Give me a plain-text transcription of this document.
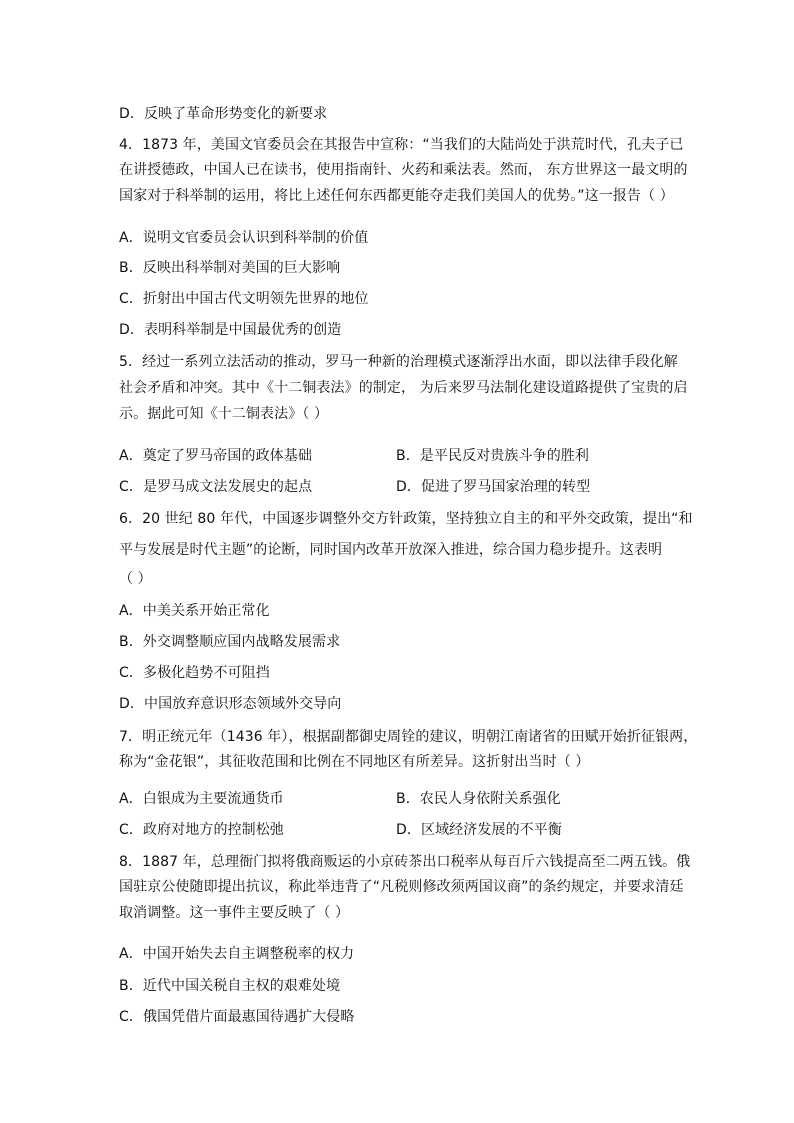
D．反映了革命形势变化的新要求
4．1873 年，美国文官委员会在其报告中宣称：“当我们的大陆尚处于洪荒时代，孔夫子已
在讲授德政，中国人已在读书，使用指南针、火药和乘法表。然而， 东方世界这一最文明的
国家对于科举制的运用，将比上述任何东西都更能夺走我们美国人的优势。”这一报告（ ）
A．说明文官委员会认识到科举制的价值
B．反映出科举制对美国的巨大影响
C．折射出中国古代文明领先世界的地位
D．表明科举制是中国最优秀的创造
5．经过一系列立法活动的推动，罗马一种新的治理模式逐渐浮出水面，即以法律手段化解
社会矛盾和冲突。其中《十二铜表法》的制定， 为后来罗马法制化建设道路提供了宝贵的启
示。据此可知《十二铜表法》（ ）
A．奠定了罗马帝国的政体基础	B．是平民反对贵族斗争的胜利
C．是罗马成文法发展史的起点	D．促进了罗马国家治理的转型
6．20 世纪 80 年代，中国逐步调整外交方针政策，坚持独立自主的和平外交政策，提出“和
平与发展是时代主题”的论断，同时国内改革开放深入推进，综合国力稳步提升。这表明
（ ）
A．中美关系开始正常化
B．外交调整顺应国内战略发展需求
C．多极化趋势不可阻挡
D．中国放弃意识形态领域外交导向
7．明正统元年（1436 年），根据副都御史周铨的建议，明朝江南诸省的田赋开始折征银两，
称为“金花银”，其征收范围和比例在不同地区有所差异。这折射出当时（ ）
A．白银成为主要流通货币	B．农民人身依附关系强化
C．政府对地方的控制松弛	D．区域经济发展的不平衡
8．1887 年，总理衙门拟将俄商贩运的小京砖茶出口税率从每百斤六钱提高至二两五钱。俄
国驻京公使随即提出抗议，称此举违背了“凡税则修改须两国议商”的条约规定，并要求清廷
取消调整。这一事件主要反映了（ ）
A．中国开始失去自主调整税率的权力
B．近代中国关税自主权的艰难处境
C．俄国凭借片面最惠国待遇扩大侵略
